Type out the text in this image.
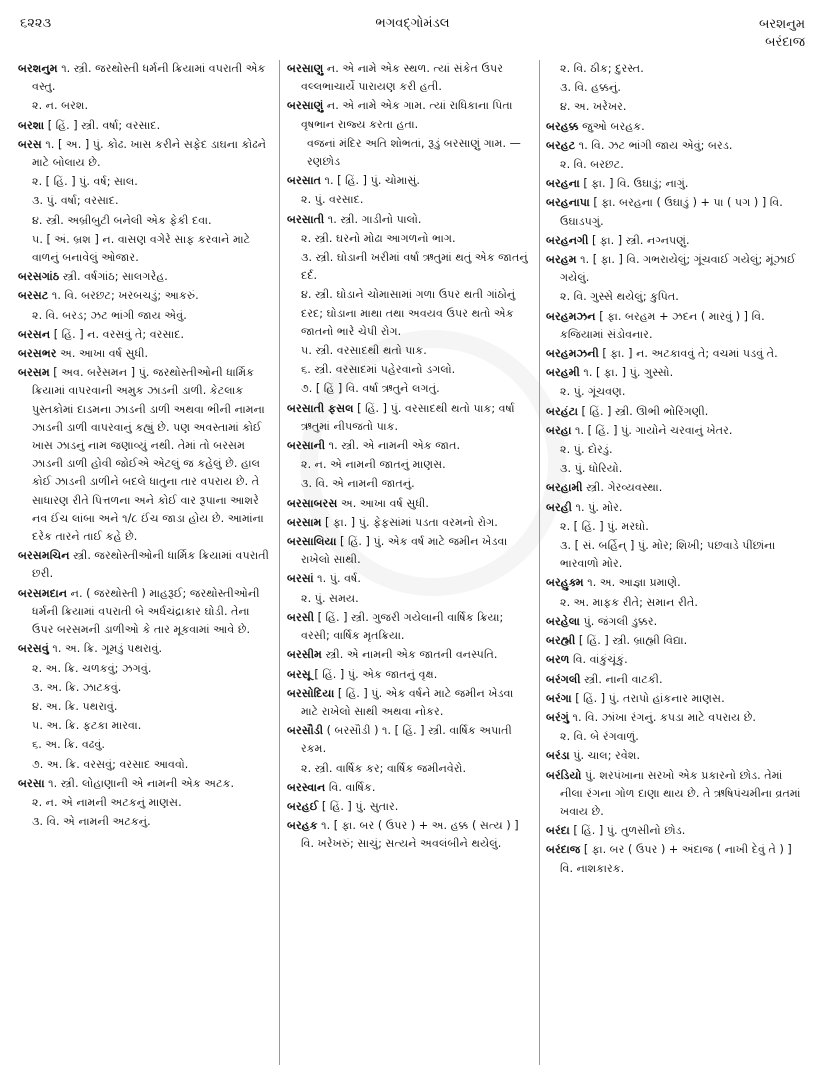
૬૨૨૩	ભગવદ્ગોમંડલ	બરશનુમ
બરંદાજ

બરશનુમ ૧. સ્ત્રી. જરથોસ્તી ધર્મની ક્રિયામાં વપરાતી એક વસ્તુ.

૨. ન. બરશ.

બરશા [ હિં. ] સ્ત્રી. વર્ષા; વરસાદ.

બરસ ૧. [ અ. ] પું. કોઢ. ખાસ કરીને સફેદ ડાઘના કોઢને માટે બોલાય છે.

૨. [ હિં. ] પું. વર્ષ; સાલ.

૩. પું. વર્ષા; વરસાદ.

૪. સ્ત્રી. અબ્રીબુટી બનેલી એક ફેકી દવા.

૫. [ અં. બ્રશ ] ન. વાસણ વગેરે સાફ કરવાને માટે વાળનું બનાવેલું ઓજાર.

બરસગાંઠ સ્ત્રી. વર્ષગાંઠ; સાલગરેહ.

બરસટ ૧. વિ. બરછટ; ખરબચડું; આકરું.

૨. વિ. બરડ; ઝટ ભાંગી જાય એવું.

બરસન [ હિં. ] ન. વરસવું તે; વરસાદ.

બરસભર અ. આખા વર્ષ સુધી.

બરસમ [ અવ. બરેસમન ] પું. જરથોસ્તીઓની ધાર્મિક ક્રિયામાં વાપરવાની અમુક ઝાડની ડાળી. કેટલાક પુસ્તકોમાં દાડમના ઝાડની ડાળી અથવા ભીની નામના ઝાડની ડાળી વાપરવાનું કહ્યું છે. પણ અવસ્તામાં કોઈ ખાસ ઝાડનું નામ જણાવ્યું નથી. તેમાં તો બરસમ ઝાડની ડાળી હોવી જોઈએ એટલું જ કહેલું છે. હાલ કોઈ ઝાડની ડાળીને બદલે ધાતુના તાર વપરાય છે. તે સાધારણ રીતે પિત્તળના અને કોઈ વાર રૂપાના આશરે નવ ઈંચ લાંબા અને ૧/૮ ઈંચ જાડા હોય છે. આમાંના દરેક તારને તાઈ કહે છે.

બરસમચિન સ્ત્રી. જરથોસ્તીઓની ધાર્મિક ક્રિયામાં વપરાતી છરી.

બરસમદાન ન. ( જરથોસ્તી ) માહરૂઈ; જરથોસ્તીઓની ધર્મની ક્રિયામાં વપરાતી બે અર્ધચંદ્રાકાર ઘોડી. તેના ઉપર બરસમની ડાળીઓ કે તાર મૂકવામાં આવે છે.

બરસવું ૧. અ. ક્રિ. ગૂમડું પથરાવું.

૨. અ. ક્રિ. ચળકવું; ઝગવું.

૩. અ. ક્રિ. ઝાટકવું.

૪. અ. ક્રિ. પથરાવું.

૫. અ. ક્રિ. ફટકા મારવા.

૬. અ. ક્રિ. વઢવું.

૭. અ. ક્રિ. વરસવું; વરસાદ આવવો.

બરસા ૧. સ્ત્રી. લોહાણાની એ નામની એક અટક.

૨. ન. એ નામની અટકનું માણસ.

૩. વિ. એ નામની અટકનું.

બરસાણુ ન. એ નામે એક સ્થળ. ત્યાં સંકેત ઉપર વલ્લભાચાર્યે પારાયણ કરી હતી.

બરસાણું ન. એ નામે એક ગામ. ત્યાં રાધિકાના પિતા વૃષભાન રાજ્ય કરતા હતા.

વજનાં મંદિર અતિ શોભતાં, રૂડું બરસાણું ગામ. — રણછોડ

બરસાત ૧. [ હિં. ] પું. ચોમાસું.

૨. પું. વરસાદ.

બરસાતી ૧. સ્ત્રી. ગાડીનો પાલો.

૨. સ્ત્રી. ઘરનો મોઢા આગળનો ભાગ.

૩. સ્ત્રી. ઘોડાની ખરીમાં વર્ષા ઋતુમાં થતું એક જાતનું દર્દ.

૪. સ્ત્રી. ઘોડાને ચોમાસામાં ગળા ઉપર થતી ગાંઠોનું દરદ; ઘોડાના માથા તથા અવયવ ઉપર થતો એક જાતનો ભારે ચેપી રોગ.

૫. સ્ત્રી. વરસાદથી થતો પાક.

૬. સ્ત્રી. વરસાદમાં પહેરવાનો ડગલો.

૭. [ હિં ] વિ. વર્ષા ઋતુને લગતું.

બરસાતી ફસલ [ હિં. ] પું. વરસાદથી થતો પાક; વર્ષા ઋતુમાં નીપજતો પાક.

બરસાની ૧. સ્ત્રી. એ નામની એક જાત.

૨. ન. એ નામની જાતનું માણસ.

૩. વિ. એ નામની જાતનું.

બરસાબરસ અ. આખા વર્ષ સુધી.

બરસામ [ ફા. ] પું. ફેફસાંમાં પડતા વરમનો રોગ.

બરસાલિયા [ હિં. ] પું. એક વર્ષ માટે જમીન ખેડવા રાખેલો સાથી.

બરસાં ૧. પું. વર્ષ.

૨. પું. સમય.

બરસી [ હિં. ] સ્ત્રી. ગુજરી ગયેલાની વાર્ષિક ક્રિયા; વરસી; વાર્ષિક મૃતક્રિયા.

બરસીમ સ્ત્રી. એ નામની એક જાતની વનસ્પતિ.

બરસૂ [ હિં. ] પું. એક જાતનું વૃક્ષ.

બરસોદિયા [ હિં. ] પું. એક વર્ષને માટે જમીન ખેડવા માટે રાખેલો સાથી અથવા નોકર.

બરસૌડી ( બરસૌડી ) ૧. [ હિં. ] સ્ત્રી. વાર્ષિક અપાતી રકમ.

૨. સ્ત્રી. વાર્ષિક કર; વાર્ષિક જમીનવેરો.

બરસ્વાન વિ. વાર્ષિક.

બરહઈ [ હિં. ] પું. સુતાર.

બરહક ૧. [ ફા. બર ( ઉપર ) + અ. હક્ક ( સત્ય ) ] વિ. ખરેખરું; સાચું; સત્યને અવલંબીને થયેલું.

૨. વિ. ઠીક; દુરસ્ત.

૩. વિ. હક્કનું.

૪. અ. ખરેખર.

બરહક્ક જુઓ બરહક.

બરહટ ૧. વિ. ઝટ ભાંગી જાય એવું; બરડ.

૨. વિ. બરછટ.

બરહના [ ફા. ] વિ. ઉઘાડું; નાગું.

બરહનાપા [ ફા. બરહના ( ઉઘાડું ) + પા ( પગ ) ] વિ. ઉઘાડપગું.

બરહનગી [ ફા. ] સ્ત્રી. નગ્નપણું.

બરહમ ૧. [ ફા. ] વિ. ગભરાયેલું; ગૂંચવાઈ ગયેલું; મૂંઝાઈ ગયેલું.

૨. વિ. ગુસ્સે થયેલું; કુપિત.

બરહમઝન [ ફા. બરહમ + ઝદન ( મારવું ) ] વિ. કજિયામાં સંડોવનાર.

બરહમઝની [ ફા. ] ન. અટકાવવું તે; વચમાં પડવું તે.

બરહમી ૧. [ ફા. ] પું. ગુસ્સો.

૨. પું. ગૂંચવણ.

બરહંટા [ હિં. ] સ્ત્રી. ઊભી ભોરિંગણી.

બરહા ૧. [ હિં. ] પું. ગાયોને ચરવાનું ખેતર.

૨. પું. દોરડું.

૩. પું. ધોરિયો.

બરહામી સ્ત્રી. ગેરવ્યવસ્થા.

બરહી ૧. પું. મોર.

૨. [ હિં. ] પું. મરઘો.

૩. [ સં. બર્હિન્ ] પું. મોર; શિખી; પછવાડે પીંછાંના ભારવાળો મોર.

બરહુક્મ ૧. અ. આજ્ઞા પ્રમાણે.

૨. અ. માફક રીતે; સમાન રીતે.

બરહેલા પું. જંગલી ડુક્કર.

બરહ્મી [ હિં. ] સ્ત્રી. બ્રાહ્મી વિદ્યા.

બરળ વિ. વાંકુંચૂંકું.

બરંગલી સ્ત્રી. નાની વાટકી.

બરંગા [ હિં. ] પું. તરાપો હાંકનાર માણસ.

બરંગું ૧. વિ. ઝાંખા રંગનું. કપડા માટે વપરાય છે.

૨. વિ. બે રંગવાળું.

બરંડા પું. ચાલ; રવેશ.

બરંડિયો પું. શરપંખાના સરખો એક પ્રકારનો છોડ. તેમાં નીલા રંગના ગોળ દાણા થાય છે. તે ઋષિપંચમીના વ્રતમાં ખવાય છે.

બરંદા [ હિં. ] પું. તુળસીનો છોડ.

બરંદાજ [ ફા. બર ( ઉપર ) + અંદાજ ( નાખી દેવું તે ) ] વિ. નાશકારક.
